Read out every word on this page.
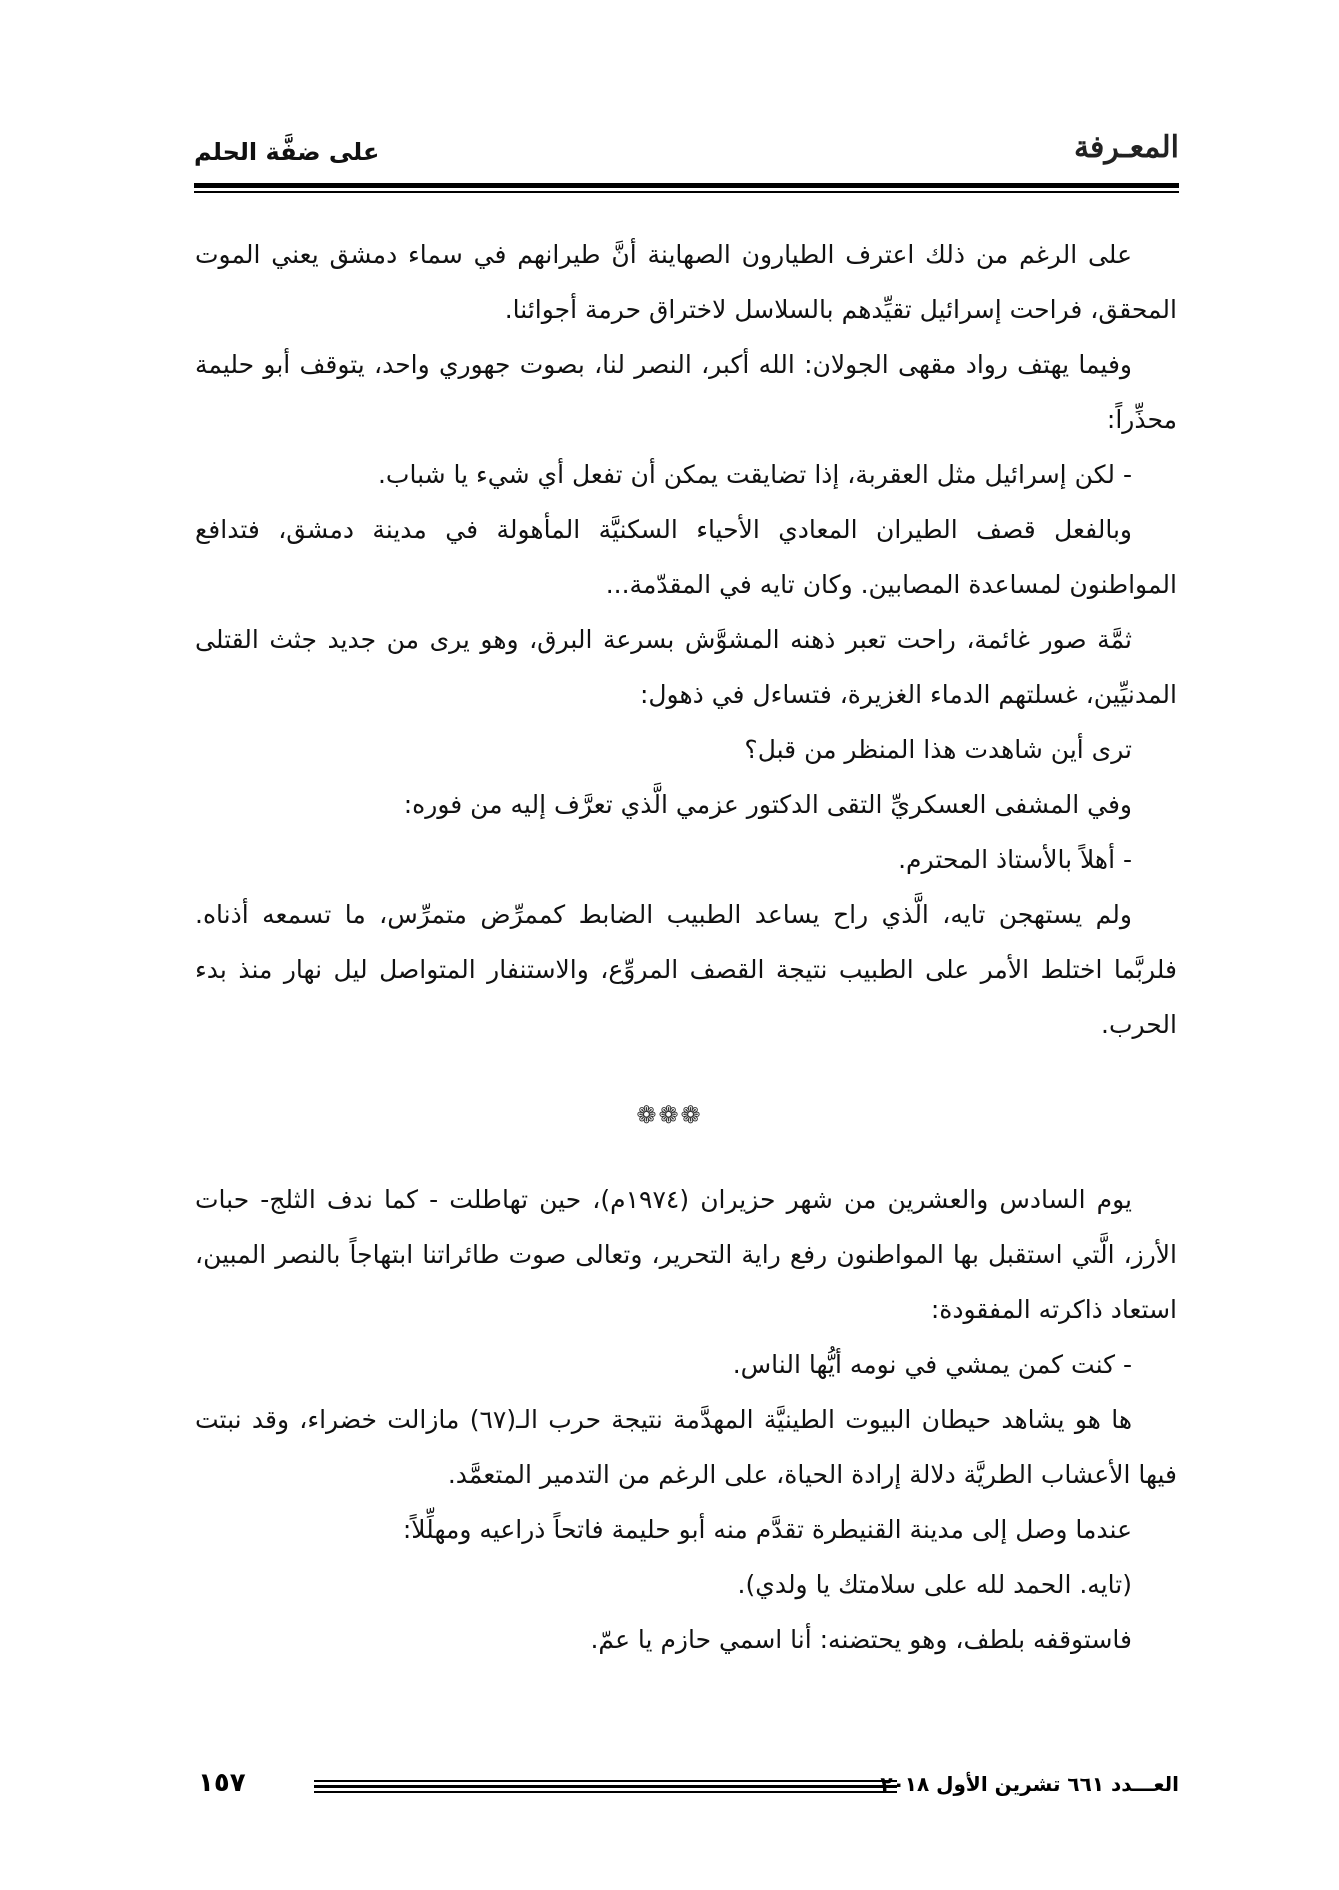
المعـرفة
على ضفَّة الحلم

على الرغم من ذلك اعترف الطيارون الصهاينة أنَّ طيرانهم في سماء دمشق يعني الموت المحقق، فراحت إسرائيل تقيِّدهم بالسلاسل لاختراق حرمة أجوائنا.

وفيما يهتف رواد مقهى الجولان: الله أكبر، النصر لنا، بصوت جهوري واحد، يتوقف أبو حليمة محذِّراً:

- لكن إسرائيل مثل العقربة، إذا تضايقت يمكن أن تفعل أي شيء يا شباب.

وبالفعل قصف الطيران المعادي الأحياء السكنيَّة المأهولة في مدينة دمشق، فتدافع المواطنون لمساعدة المصابين. وكان تايه في المقدّمة...

ثمَّة صور غائمة، راحت تعبر ذهنه المشوَّش بسرعة البرق، وهو يرى من جديد جثث القتلى المدنيِّين، غسلتهم الدماء الغزيرة، فتساءل في ذهول:

ترى أين شاهدت هذا المنظر من قبل؟

وفي المشفى العسكريِّ التقى الدكتور عزمي الَّذي تعرَّف إليه من فوره:

- أهلاً بالأستاذ المحترم.

ولم يستهجن تايه، الَّذي راح يساعد الطبيب الضابط كممرِّض متمرِّس، ما تسمعه أذناه. فلربَّما اختلط الأمر على الطبيب نتيجة القصف المروِّع، والاستنفار المتواصل ليل نهار منذ بدء الحرب.

❁❁❁

يوم السادس والعشرين من شهر حزيران (١٩٧٤م)، حين تهاطلت - كما ندف الثلج- حبات الأرز، الَّتي استقبل بها المواطنون رفع راية التحرير، وتعالى صوت طائراتنا ابتهاجاً بالنصر المبين، استعاد ذاكرته المفقودة:

- كنت كمن يمشي في نومه أيُّها الناس.

ها هو يشاهد حيطان البيوت الطينيَّة المهدَّمة نتيجة حرب الـ(٦٧) مازالت خضراء، وقد نبتت فيها الأعشاب الطريَّة دلالة إرادة الحياة، على الرغم من التدمير المتعمَّد.

عندما وصل إلى مدينة القنيطرة تقدَّم منه أبو حليمة فاتحاً ذراعيه ومهلِّلاً:

(تايه. الحمد لله على سلامتك يا ولدي).

فاستوقفه بلطف، وهو يحتضنه: أنا اسمي حازم يا عمّ.

١٥٧	العـــدد ٦٦١ تشرين الأول ٢٠١٨
